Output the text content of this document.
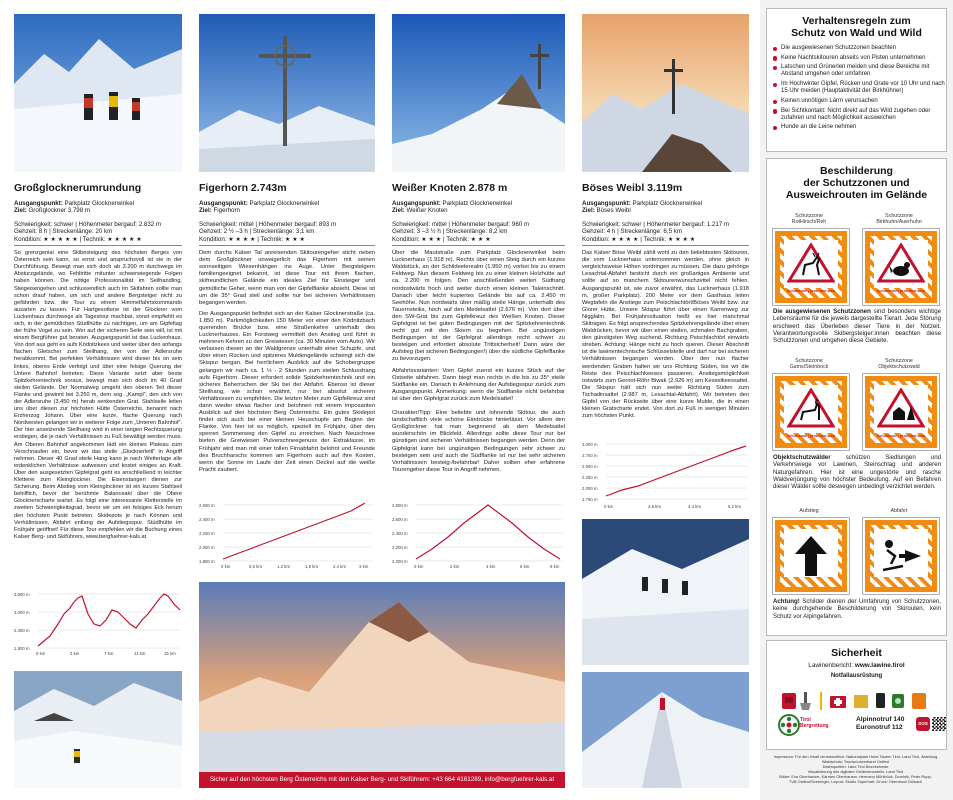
Großglocknerumrundung
Ausgangspunkt: Parkplatz Glocknerwinkel
Ziel: Großglockner 3.798 m
Schwierigkeit: schwer | Höhenmeter bergauf: 2.832 m
Gehzeit: 8 h | Streckenlänge: 20 km
Kondition: ★ ★ ★ ★ ★ | Technik: ★ ★ ★ ★ ★

So grenzgenial eine Skibesteigung des höchsten Berges von Österreich sein kann, so ernst und anspruchsvoll ist sie in der Durchführung. Bewegt man sich doch ab 3.200 m durchwegs im Absturzgelände, wo Fehltritte mitunter schwerwiegende Folgen haben können. Die nötige Professionalität im Seilhandling, Steigeisengehen und schlussendlich auch im Skifahren sollte man schon drauf haben, um sich und andere Bergsteiger nicht zu gefährden bzw. die Tour zu einem Himmelfahrtskommando ausarten zu lassen. Für Hartgesottene ist der Glockner vom Luckenhaus durchwegs als Tagestour machbar, sonst empfiehlt es sich, in der gemütlichen Stüdlhütte zu nächtigen, um am Gipfeltag der frühe Vogel zu sein. Wer auf der sicheren Seite sein will, ist mit einem Bergführer gut beraten. Ausgangspunkt ist das Luckenhaus. Von dort aus geht es aufs Ködnitzkees und weiter über den anfangs flachen Gletscher zum Steilhang, der von der Adlersruhe herabkommt. Bei perfekten Verhältnissen wird dieser bis on sein linkes, oberes Ende verfolgt und über eine felsige Querung der Untere Bahnhof betreten. Diese Variante setzt aber beste Spitzkehrentechnik voraus, bewegt man sich doch im 40 Grad steilen Gelände. Der Normalweg umgeht den oberen Teil dieser Flanke und gewinnt bei 3.250 m, dem sog. „Kampl“, den sich von der Adlersruhe (3.450 m) herab senkenden Grat. Stahlseile leiten uns über diesen zur höchsten Hütte Österreichs, benannt nach Erzherzog Johann. Über eine kurze, flache Querung nach Nordwesten gelangen wir in weiterer Folge zum „Unteren Bahnhof“. Der hier ansetzende Steilhang wird in einer langen Rechtsquerung erstiegen, die je nach Verhältnissen zu Fuß bewältigt werden muss. Am Oberen Bahnhof angekommen lädt ein kleines Plateau zum Verschnaufen ein, bevor wir das steile „Glocknerleitl“ in Angriff nehmen. Dieser 40 Grad steile Hang kann je nach Wetterlage alle erdenklichen Verhältnisse aufweisen und kostet einiges an Kraft. Über den ausgesetzten Gipfelgrat geht es anschließend in leichter Kletterei zum Kleinglockner. Die Eisenstangen dienen zur Sicherung. Beim Abstieg vom Kleinglockner ist ein kurzes Stahlseil behilflich, bevor der berühmte Balanceakt über die Obere Glocknerscharte wartet. Es folgt eine interessante Kletterstelle im zweiten Schwierigkeitsgrad, bevor wir um ein felsiges Eck herum den höchsten Punkt betreten. Skidepots je nach Können und Verhältnissen. Abfahrt entlang der Aufstiegsspur. Stüdlhütte im Frühjahr geöffnet! Für diese Tour empfehlen wir die Buchung eines Kalser Berg- und Skiführers, www.bergfuehrer-kals.at

Figerhorn 2.743m
Ausgangspunkt: Parkplatz Glocknerwinkel
Ziel: Figerhorn
Schwierigkeit: mittel | Höhenmeter bergauf: 893 m
Gehzeit: 2 ½ –3 h | Streckenlänge: 3,1 km
Kondition: ★ ★ ★ ★ | Technik: ★ ★ ★

Dem durchs Kalser Tal anreisenden Skitourengeher sticht neben dem Großglockner unweigerlich das Figerhorn mit seinen sonnseitigen Wiesenhängen ins Auge. Unter Bergsteigern familiengeeignet bekannt, ist diese Tour mit ihrem flachen, skifreundlichen Gelände ein ideales Ziel für Einsteiger und gemütliche Geher, wenn man von der Gipfelflanke absieht. Diese ist um die 35° Grad steil und sollte nur bei sicheren Verhältnissen begangen werden.

Der Ausgangspunkt befindet sich an der Kalser Glocknerstraße (ca. 1.850 m). Parkmöglichkeiten 150 Meter vor einer den Ködnitzbach querenden Brücke bzw. eine Straßenkehre unterhalb des Lucknerhauses. Ein Forstweg vermittelt den Anstieg und führt in mehreren Kehren zu den Greiwiesen (ca. 30 Minuten vom Auto). Wir verlassen diesen an der Waldgrenze unterhalb einer Schupfe, und über einen Rücken und spitzeres Muldengelände schwingt sich die Skispur bergan. Bei herrlichem Ausblick auf die Schobergruppe gelangen wir nach ca. 1 ½ - 2 Stunden zum steilen Schlusshang aufs Figerhorn. Dieser erfordert solide Spitzkehrentechnik und ein sicheres Beherrschen der Ski bei der Abfahrt. Ebenso ist dieser Steilhang, wie schon erwähnt, nur bei absolut sicheren Verhältnissen zu empfehlen. Die letzten Meter zum Gipfelkreuz sind dann wieder etwas flacher und belohnen mit einem imposanten Ausblick auf den höchsten Berg Österreichs. Ein gutes Skidepot findet sich auch bei einer kleinen Heuschupfe am Beginn der Flanke. Von hier ist es möglich, speziell im Frühjahr, über den sperren Sommerweg den Gipfel zu erreichen. Nach Neuschnee bieten die Greiwiesen Pulverschneegenuss der Extraklasse, im Frühjahr wird man mit einer tollen Firnabfahrt belohnt und Freunde des Bruchharschs kommen am Figerhorn auch auf ihre Kosten, wenn die Sonne im Laufe der Zeit einen Deckel auf die weiße Pracht zaubert.

Weißer Knoten 2.878 m
Ausgangspunkt: Parkplatz Glocknerwinkel
Ziel: Weißer Knoten
Schwierigkeit: mittel | Höhenmeter bergauf: 960 m
Gehzeit: 3 –3 ½ h | Streckenlänge: 8,2 km
Kondition: ★ ★ ★ | Technik: ★ ★ ★

Über die Mautstraße zum Parkplatz Glocknerwinkel beim Lucknerhaus (1.918 m). Rechts über einen Steig durch ein kurzes Waldstück, an der Schildeelerealm (1.950 m) vorbei bis zu einem Feldweg. Nun diesem Feldweg bis zu einer kleinen Holzhütte auf ca. 2.200 m folgen. Den anschließenden weiten Südhang nordostwärts hoch und weiter durch einen kleinen Taleinschnitt. Danach über leicht kupiertes Gelände bis auf ca. 2.450 m Seehöhe. Nun nordwärts über mäßig steile Hänge, unterhalb des Tauernsteiks, hoch auf den Medelsattel (2.676 m). Von dort über den SW-Grat bis zum Gipfelkreuz des Weißen Knoten. Dieser Gipfelgrat ist bei guten Bedingungen mit der Spitzkehrentechnik recht gut mit den Skiern zu begehen. Bei ungünstigen Bedingungen ist der Gipfelgrat allerdings recht schwer zu besteigen und erfordert absolute Trittsicherheit! Dann wäre der Aufstieg (bei sicheren Bedingungen!) über die südliche Gipfelflanke zu bevorzugen.

Abfahrtsvarianten: Vom Gipfel zuerst ein kurzes Stück auf der Ostseite abfahren. Dann biegt man rechts in die bis zu 35° steile Südflanke ein. Danach in Anlehnung der Aufstiegsspur zurück zum Ausgangspunkt. Anmerkung: wenn die Südflanke nicht befahrbar ist über den Gipfelgrat zurück zum Medelsattel!

Charakter/Tipp: Eine beliebte und lohnende Skitour, die auch landschaftlich viele schöne Eindrücke hinterlässt. Vor allem den Großglockner hat man beginnend ab dem Medelsattel wunderschön im Blickfeld. Allerdings sollte diese Tour nur bei günstigen und sicheren Verhältnissen begangen werden. Denn der Gipfelgrat kann bei ungünstigen Bedingungen sehr schwer zu besteigen sein und auch die Südflanke ist nur bei sehr sicheren Verhältnissen besteig-/befahrbar! Daher sollten eher erfahrene Tourengeher diese Tour in Angriff nehmen.

Böses Weibl 3.119m
Ausgangspunkt: Parkplatz Glocknerwinkel
Ziel: Böses Weibl
Schwierigkeit: schwer | Höhenmeter bergauf: 1.217 m
Gehzeit: 4 h | Streckenlänge: 6,5 km
Kondition: ★ ★ ★ ★ | Technik: ★ ★ ★ ★

Das Kalser Böse Weibl zählt wohl zu den beliebtesten Skitouren, die vom Lucknerhaus unternommen werden, ohne gleich in vergleichsweise Höhen vordringen zu müssen. Die dazu gehörige Lesachtal-Abfahrt besticht durch ein großartiges Ambiente und sollte auf so manchem Skitourenwunschzettel nicht fehlen. Ausgangspunkt ist, wie zuvor erwähnt, das Lucknerhaus (1.918 m, großer Parkplatz). 200 Meter vor dem Gasthaus leiten Wegtafeln die Anstiege zum Peischlachtörl/Böses Weibl bzw. zur Glorer Hütte. Unsere Skispur führt über einen Karrenweg zur Nigglalm. Bei Frühjahrssituation heißt es hier manchmal Skitragen. Es folgt ansprechendes Spitzkehrengelände über einen Waldrücken, bevor wir über einen steilen, schmalen Bachgraben, den günstigsten Weg suchend, Richtung Peischlachtörl einwärts streben. Achtung: Hänge nicht zu hoch queren. Dieser Abschnitt ist die lawinentechnische Schlüsselstelle und darf nur bei sicheren Verhältnissen begangen werden. Über den nun flacher werdenden Graben halten wir uns Richtung Süden, bis wir die Reste des Peischlachkeeses passieren. Anstiegsmöglichkeit ostwärts zum Gernot-Röhr Biwak (2.926 m) am Kesselkeessattel. Die Skispur hält sich nun weiter Richtung Süden zum Tschadinsattel (2.987 m, Lesachtal-Abfahrt). Wir betreten den Gipfel von der Rückseite über eine kurze Mulde, die in einen kleinen Gratscharte endet. Von dort zu Fuß in wenigen Minuten zum höchsten Punkt.

3.600 m
3.000 m
2.400 m
1.800 m
0 km	3 km	7 km	11 km	15 km
2.600 m
2.400 m
2.200 m
2.000 m
1.800 m
0 km	0,6 km	1,2 km	1,8 km	2,4 km	3 km
2.800 m
2.600 m
2.400 m
2.200 m
2.000 m
0 km	2 km	4 km	6 km	8 km
3.000 m
2.750 m
2.500 m
2.250 m
2.000 m
1.750 m
0 km	2,8 km	4,4 km	6,2 km
Sicher auf den höchsten Berg Österreichs mit den Kalser Berg- und Skiführern: +43 664 4161289, info@bergfuehrer-kals.at
Verhaltensregeln zum
Schutz von Wald und Wild
Die ausgewiesenen Schutzzonen beachten
Keine Nachtskitouren abseits von Pisten unternehmen
Latschen und Grünerlen meiden und diese Bereiche mit Abstand umgehen oder umfahren
Im Hochwinter Gipfel, Rücken und Grate vor 10 Uhr und nach 15 Uhr meiden (Hauptaktivität der Birkhühner)
Keinen unnötigen Lärm verursachen
Bei Sichtkontakt: Nicht direkt auf das Wild zugehen oder zufahren und nach Möglichkeit ausweichen
Hunde an die Leine nehmen
Beschilderung
der Schutzzonen und
Ausweichrouten im Gelände
Schutzzone
RotHirsch/Reh
Schutzzone
Birkhuhn/Auerhuhn
Schutzzone | protected area	Schutzzone | protected area
Die ausgewiesenen Schutzzonen sind besonders wichtige Lebensräume für die jeweils dargestellte Tierart. Jede Störung erschwert das Überleben dieser Tiere in der Notzeit. Verantwortungsvolle Skibergsteiger:innen beachten diese Schutzzonen und umgehen diese Gebiete.
Schutzzone
Gams/Steinbock
Schutzzone
Objektschutzwald
Schutzzone | protected area	Schutzzone | protected area
Objektschutzwälder schützen Siedlungen und Verkehrswege vor Lawinen, Steinschlag und anderen Naturgefahren. Hier ist eine ungestörte und rasche Waldverjüngung von höchster Bedeutung. Auf ein Befahren dieser Wälder sollte deswegen unbedingt verzichtet werden.
Aufstieg	Abfahrt
Achtung! Schilder dienen der Umfahrung von Schutzzonen, keine durchgehende Beschilderung von Skirouten, kein Schutz vor Alpingefahren.
Sicherheit
Lawinenbericht: www.lawine.tirol
Notfallausrüstung
Tirol
Bergrettung
Alpinnotruf 140
Euronotruf 112
SOS
Impressum: Für den Inhalt verantwortlich: Nationalpark Hohe Tauern Tirol; Land Tirol, Abteilung Waldschutz; Tourismusverband Osttirol
Datenquellen: Land Tirol Bezirksforste
Visualisierung des digitalen Geländemodells: Land Tirol
Bilder: Eva Oberhauser, Kärnten Oberhauser, Hermann Mühlböck, Dominik, Peter Rupp,
TVB Osttirol/Seeberger; Layout: Studio Superhart; Druck: Oberdruck Dölsach
